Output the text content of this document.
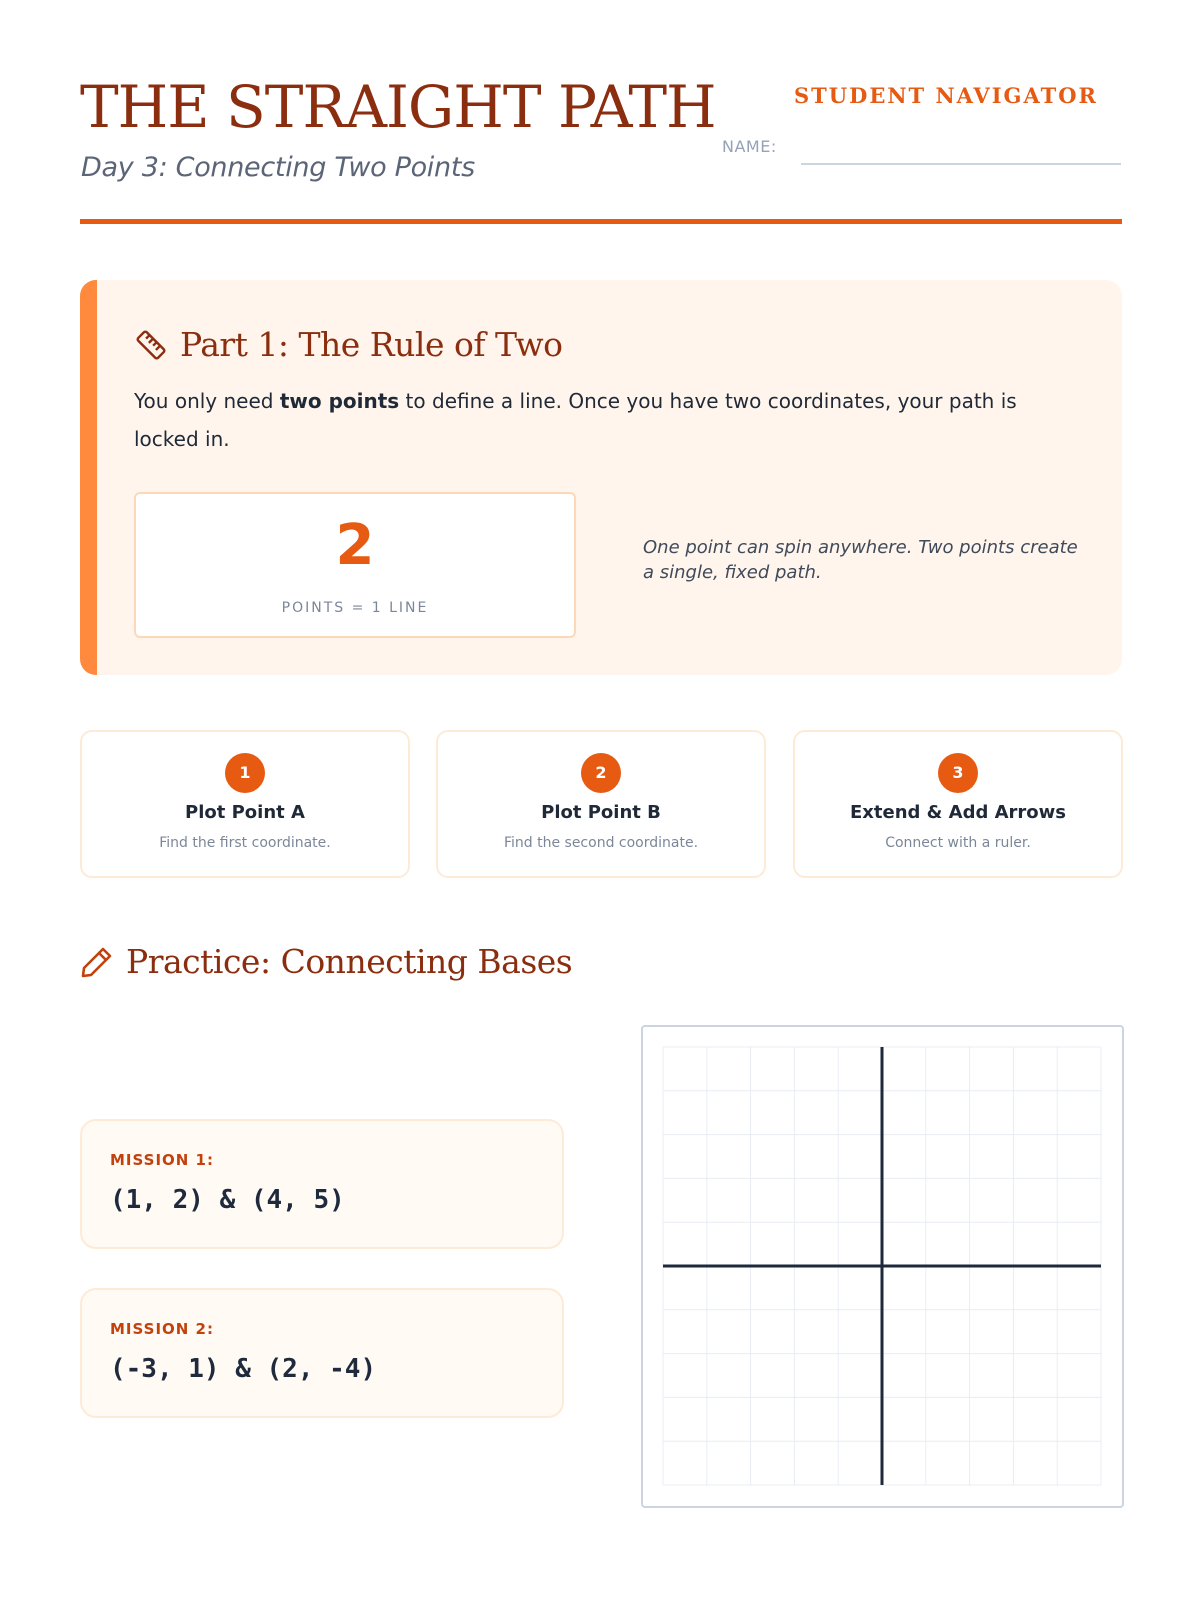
THE STRAIGHT PATH
Day 3: Connecting Two Points
STUDENT NAVIGATOR
NAME:
Part 1: The Rule of Two

You only need two points to define a line. Once you have two coordinates, your path is locked in.

2
POINTS = 1 LINE
One point can spin anywhere. Two points create a single, fixed path.
1
Plot Point A
Find the first coordinate.
2
Plot Point B
Find the second coordinate.
3
Extend & Add Arrows
Connect with a ruler.
Practice: Connecting Bases
MISSION 1:
(1, 2) & (4, 5)
MISSION 2:
(-3, 1) & (2, -4)
